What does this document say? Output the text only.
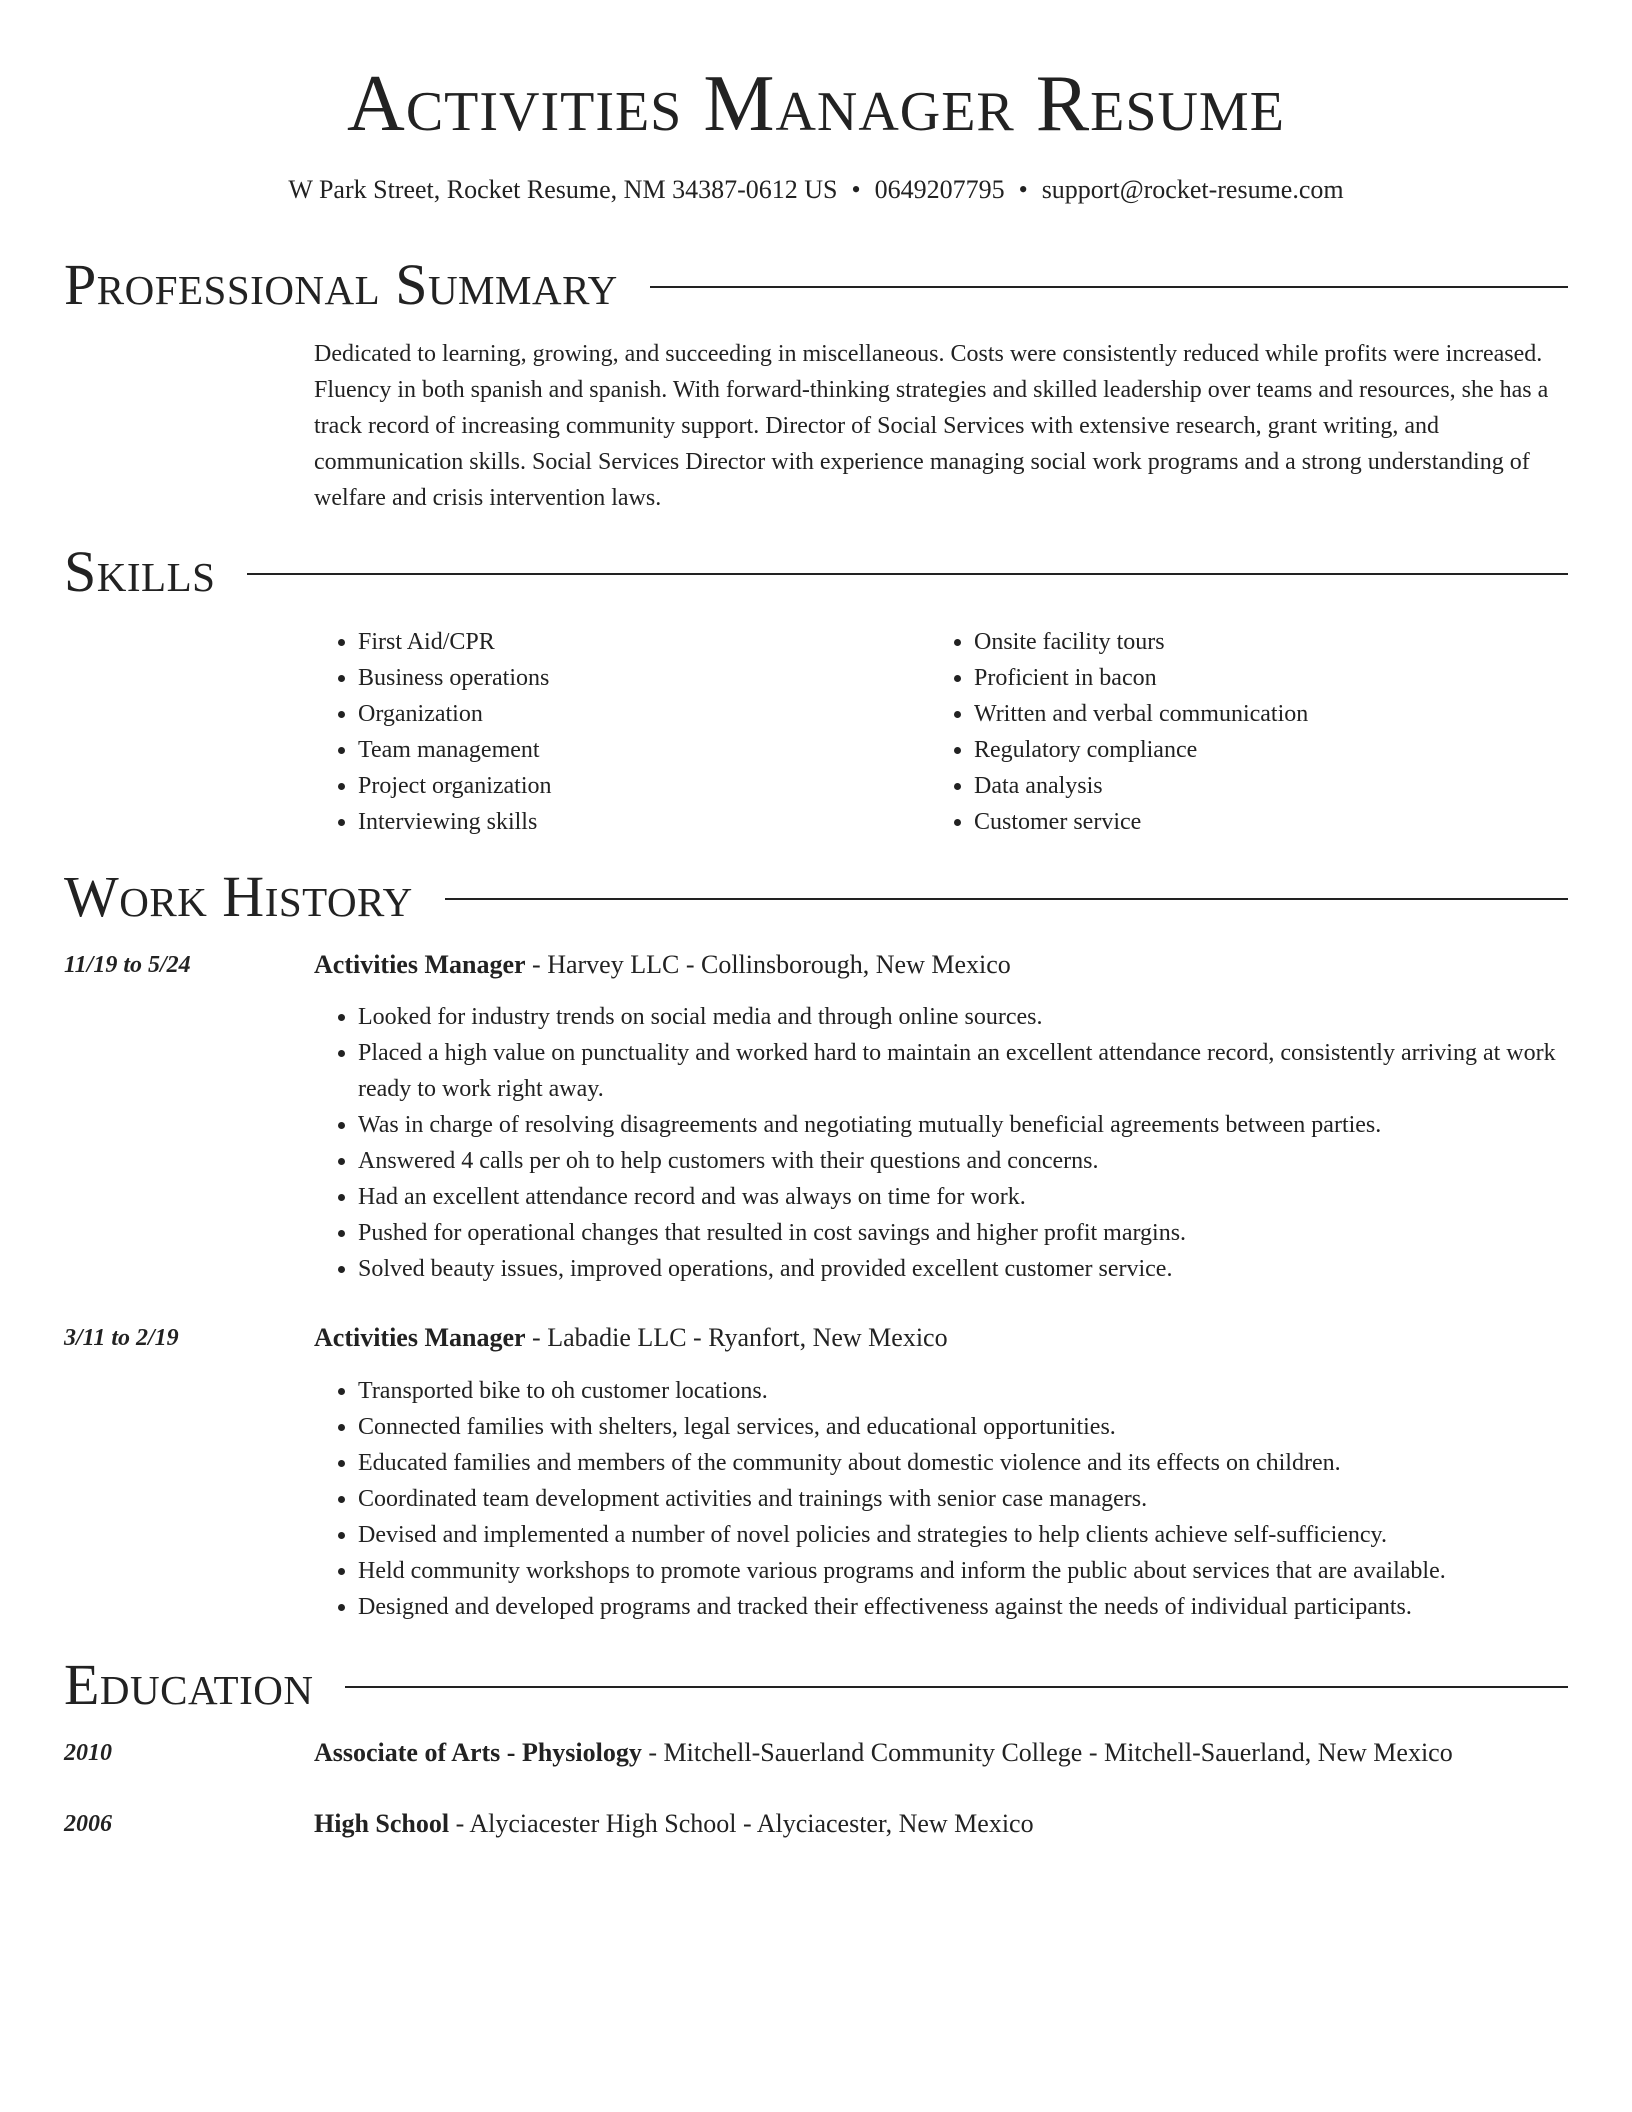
Activities Manager Resume
W Park Street, Rocket Resume, NM 34387-0612 US • 0649207795 • support@rocket-resume.com
Professional Summary

Dedicated to learning, growing, and succeeding in miscellaneous. Costs were consistently reduced while profits were increased. Fluency in both spanish and spanish. With forward-thinking strategies and skilled leadership over teams and resources, she has a track record of increasing community support. Director of Social Services with extensive research, grant writing, and communication skills. Social Services Director with experience managing social work programs and a strong understanding of welfare and crisis intervention laws.

Skills
• First Aid/CPR
• Business operations
• Organization
• Team management
• Project organization
• Interviewing skills
• Onsite facility tours
• Proficient in bacon
• Written and verbal communication
• Regulatory compliance
• Data analysis
• Customer service
Work History
11/19 to 5/24	Activities Manager - Harvey LLC - Collinsborough, New Mexico
• Looked for industry trends on social media and through online sources.
• Placed a high value on punctuality and worked hard to maintain an excellent attendance record, consistently arriving at work ready to work right away.
• Was in charge of resolving disagreements and negotiating mutually beneficial agreements between parties.
• Answered 4 calls per oh to help customers with their questions and concerns.
• Had an excellent attendance record and was always on time for work.
• Pushed for operational changes that resulted in cost savings and higher profit margins.
• Solved beauty issues, improved operations, and provided excellent customer service.
3/11 to 2/19	Activities Manager - Labadie LLC - Ryanfort, New Mexico
• Transported bike to oh customer locations.
• Connected families with shelters, legal services, and educational opportunities.
• Educated families and members of the community about domestic violence and its effects on children.
• Coordinated team development activities and trainings with senior case managers.
• Devised and implemented a number of novel policies and strategies to help clients achieve self-sufficiency.
• Held community workshops to promote various programs and inform the public about services that are available.
• Designed and developed programs and tracked their effectiveness against the needs of individual participants.
Education
2010	Associate of Arts - Physiology - Mitchell-Sauerland Community College - Mitchell-Sauerland, New Mexico
2006	High School - Alyciacester High School - Alyciacester, New Mexico
